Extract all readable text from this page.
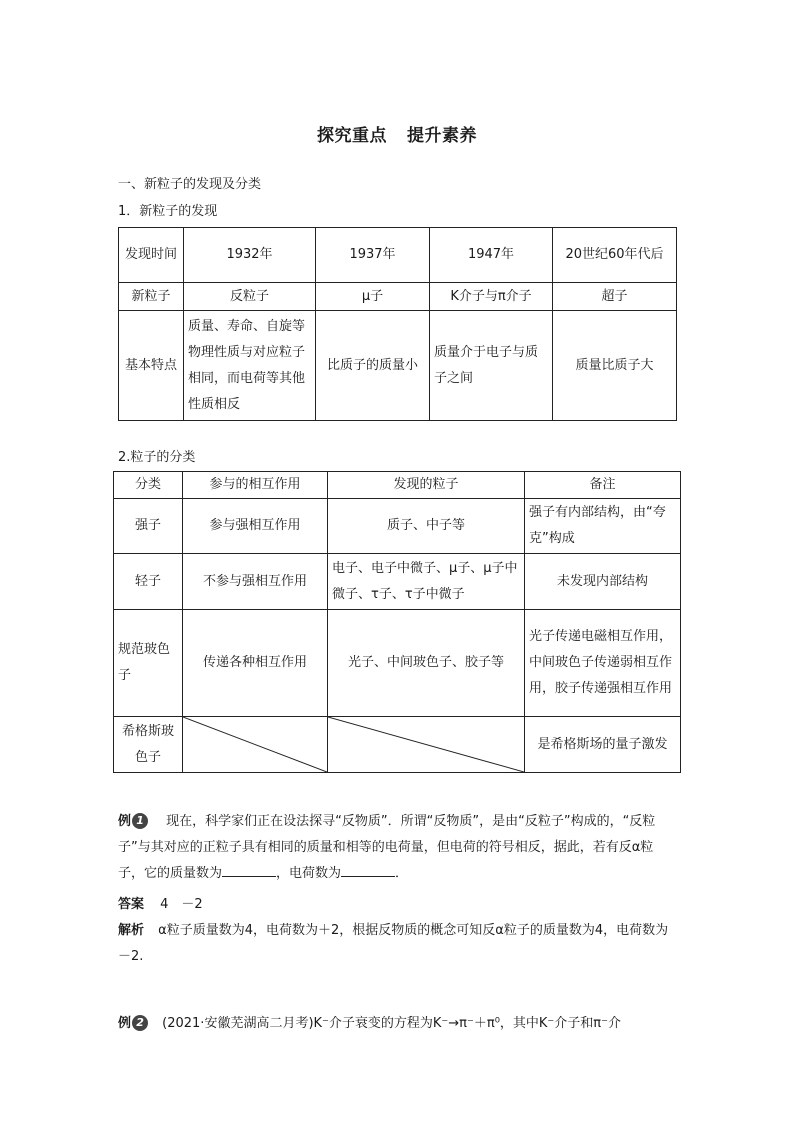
探究重点 提升素养
一、新粒子的发现及分类
1．新粒子的发现
发现时间	1932年	1937年	1947年	20世纪60年代后
新粒子	反粒子	μ子	K介子与π介子	超子
基本特点	质量、寿命、自旋等物理性质与对应粒子相同，而电荷等其他性质相反	比质子的质量小	质量介于电子与质子之间	质量比质子大
2.粒子的分类
分类	参与的相互作用	发现的粒子	备注
强子	参与强相互作用	质子、中子等	强子有内部结构，由“夸克”构成
轻子	不参与强相互作用	电子、电子中微子、μ子、μ子中微子、τ子、τ子中微子	未发现内部结构
规范玻色子	传递各种相互作用	光子、中间玻色子、胶子等	光子传递电磁相互作用，中间玻色子传递弱相互作用，胶子传递强相互作用
希格斯玻色子			是希格斯场的量子激发
例 1 现在，科学家们正在设法探寻“反物质”．所谓“反物质”，是由“反粒子”构成的，“反粒子”与其对应的正粒子具有相同的质量和相等的电荷量，但电荷的符号相反，据此，若有反α粒子，它的质量数为	，电荷数为	．
答案 4　－2
解析 α粒子质量数为4，电荷数为＋2，根据反物质的概念可知反α粒子的质量数为4，电荷数为－2.
例 2 (2021·安徽芜湖高二月考)K⁻介子衰变的方程为K⁻→π⁻＋π⁰，其中K⁻介子和π⁻介
